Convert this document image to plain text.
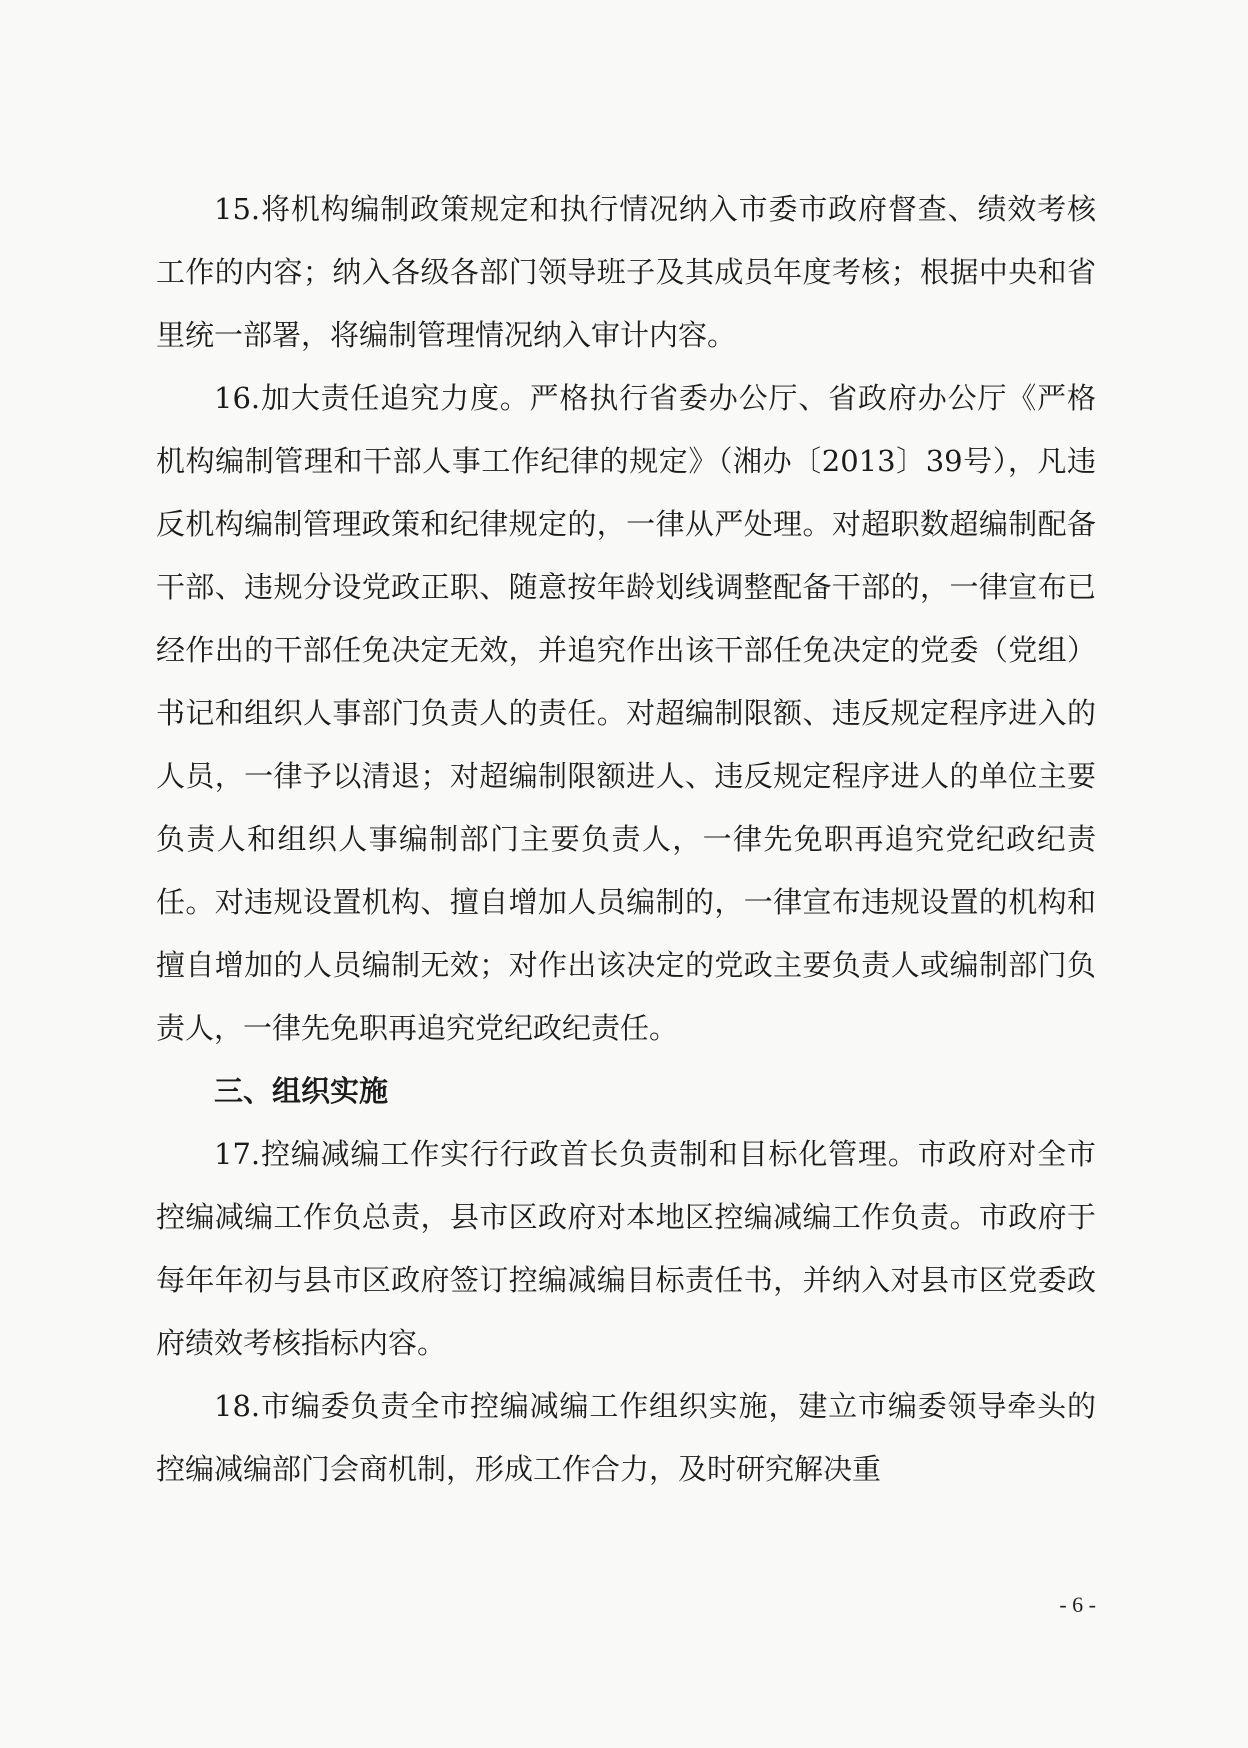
15.将机构编制政策规定和执行情况纳入市委市政府督查、绩效考核工作的内容；纳入各级各部门领导班子及其成员年度考核；根据中央和省里统一部署，将编制管理情况纳入审计内容。

16.加大责任追究力度。严格执行省委办公厅、省政府办公厅《严格机构编制管理和干部人事工作纪律的规定》（湘办〔2013〕39号），凡违反机构编制管理政策和纪律规定的，一律从严处理。对超职数超编制配备干部、违规分设党政正职、随意按年龄划线调整配备干部的，一律宣布已经作出的干部任免决定无效，并追究作出该干部任免决定的党委（党组）书记和组织人事部门负责人的责任。对超编制限额、违反规定程序进入的人员，一律予以清退；对超编制限额进人、违反规定程序进人的单位主要负责人和组织人事编制部门主要负责人，一律先免职再追究党纪政纪责任。对违规设置机构、擅自增加人员编制的，一律宣布违规设置的机构和擅自增加的人员编制无效；对作出该决定的党政主要负责人或编制部门负责人，一律先免职再追究党纪政纪责任。

三、组织实施

17.控编减编工作实行行政首长负责制和目标化管理。市政府对全市控编减编工作负总责，县市区政府对本地区控编减编工作负责。市政府于每年年初与县市区政府签订控编减编目标责任书，并纳入对县市区党委政府绩效考核指标内容。

18.市编委负责全市控编减编工作组织实施，建立市编委领导牵头的控编减编部门会商机制，形成工作合力，及时研究解决重

- 6 -
